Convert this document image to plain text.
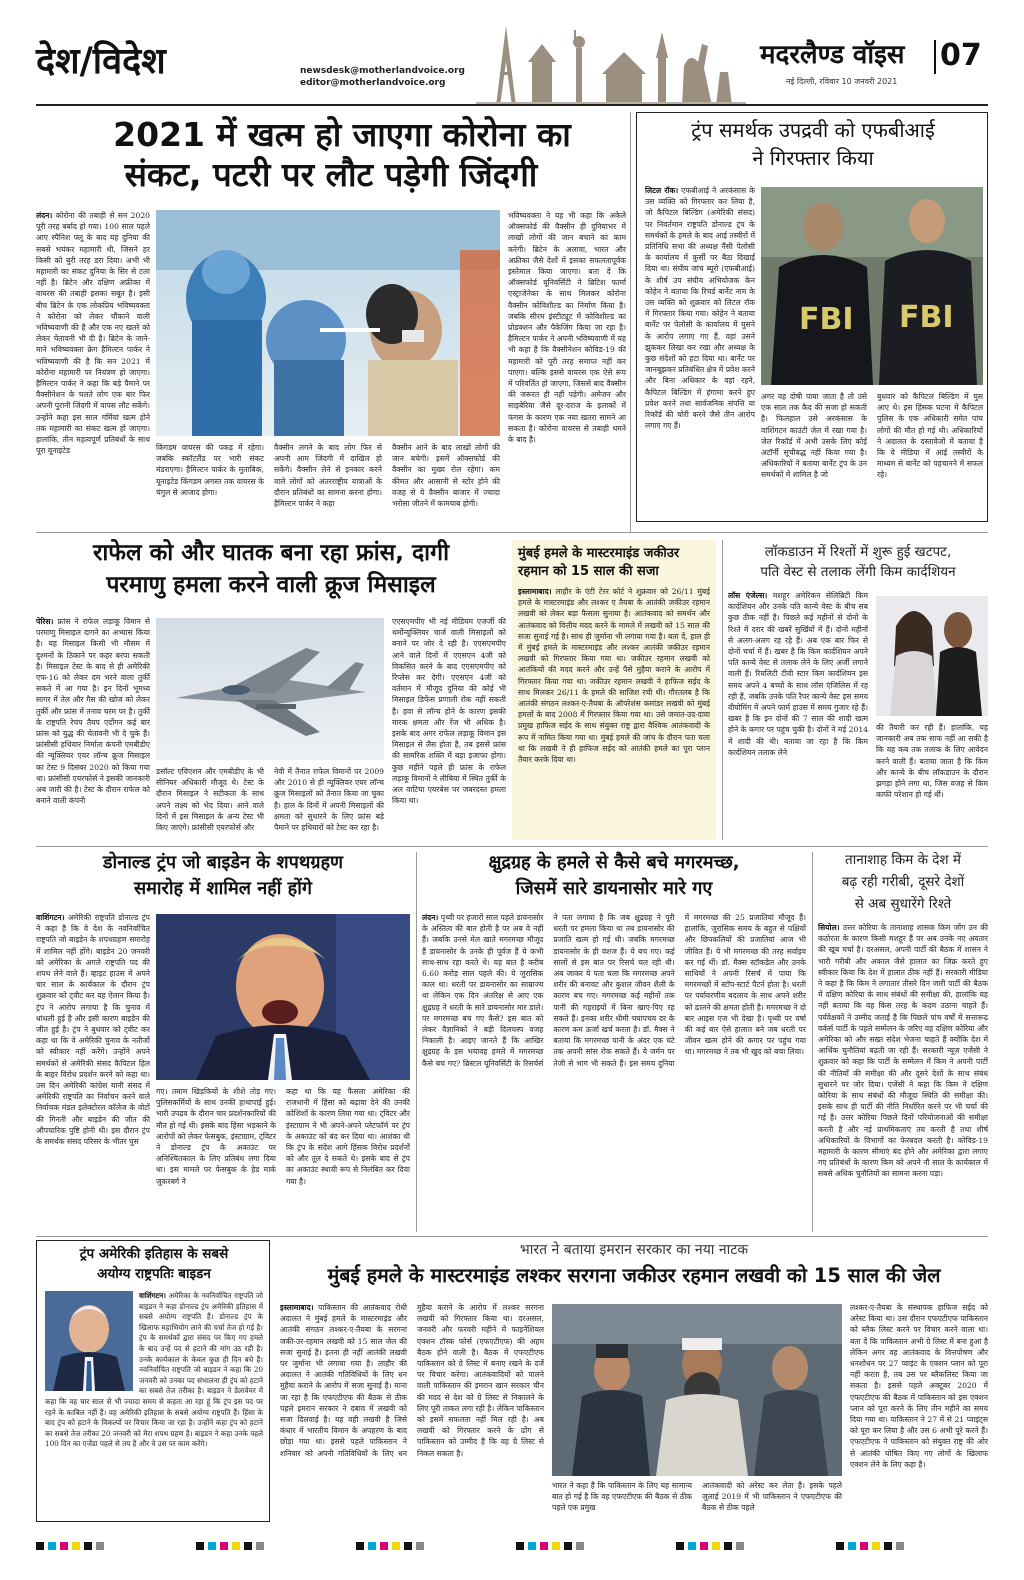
देश/विदेश	newsdesk@motherlandvoice.org
editor@motherlandvoice.org
मदरलैण्ड वॉइस 07
नई दिल्ली, रविवार 10 जनवरी 2021
2021 में खत्म हो जाएगा कोरोना का
संकट, पटरी पर लौट पड़ेगी जिंदगी
लंदन। कोरोना की तबाही से सन 2020 पूरी तरह बर्बाद हो गया। 100 साल पहले आए स्पैनिश फ्लू के बाद यह दुनिया की सबसे भयंकर महामारी थी, जिसने हर किसी को बुरी तरह डरा दिया। अभी भी महामारी का संकट दुनिया के सिर से टला नहीं है। ब्रिटेन और दक्षिण अफ्रीका में वायरस की तबाही इसका सबूत है। इसी बीच ब्रिटेन के एक लोकप्रिय भविष्यवक्ता ने कोरोना को लेकर चौंकाने वाली भविष्यवाणी की है और एक नए खतरे को लेकर चेतावनी भी दी है। ब्रिटेन के जाने-माने भविष्यवक्ता क्रेग हैमिल्टन पार्कर ने भविष्यवाणी की है कि सन 2021 में कोरोना महामारी पर नियंत्रण हो जाएगा। हैमिल्टन पार्कर ने कहा कि बड़े पैमाने पर वैक्सीनेशन के चलते लोग एक बार फिर अपनी पुरानी जिंदगी में वापस लौट सकेंगे। उन्होंने कहा इस साल गर्मियां खत्म होने तक महामारी का संकट खत्म हो जाएगा। हालांकि, तीन महत्वपूर्ण प्रतिबंधों के साथ पूरा यूनाइटेड	किंगडम वायरस की पकड़ में रहेगा। जबकि स्कॉटलैंड पर भारी संकट मंडराएगा। हैमिल्टन पार्कर के मुताबिक, यूनाइटेड किंगडम अगस्त तक वायरस के चंगुल से आजाद होगा।
वैक्सीन लगने के बाद लोग फिर से अपनी आम जिंदगी में दाखिल हो सकेंगे। वैक्सीन लेने से इनकार करने वाले लोगों को अंतरराष्ट्रीय यात्राओं के दौरान प्रतिबंधों का सामना करना होगा। हैमिल्टन पार्कर ने कहा
वैक्सीन आने के बाद लाखों लोगों की जान बचेगी। इसमें ऑक्सफोर्ड की वैक्सीन का मुख्य रोल रहेगा। कम कीमत और आसानी से स्टोर होने की वजह से ये वैक्सीन बाजार में ज्यादा भरोसा जीतने में कामयाब होगी।
भविष्यवक्ता ने यह भी कहा कि अकेले ऑक्सफोर्ड की वैक्सीन ही दुनियाभर में लाखों लोगों की जान बचाने का काम करेगी। ब्रिटेन के अलावा, भारत और अफ्रीका जैसे देशों में इसका सफलतापूर्वक इस्तेमाल किया जाएगा। बता दें कि ऑक्सफोर्ड यूनिवर्सिटी ने ब्रिटिश फार्मा एस्ट्राजेनेका के साथ मिलकर कोरोना वैक्सीन कोविशील्ड का निर्माण किया है। जबकि सीरम इंस्टीट्यूट में कोविशील्ड का प्रोडक्शन और पैकेजिंग किया जा रहा है। हैमिल्टन पार्कर ने अपनी भविष्यवाणी में यह भी कहा है कि वैक्सीनेशन कोविड-19 की महामारी को पूरी तरह समाप्त नहीं कर पाएगा। बल्कि इससे वायरस एक ऐसे रूप में परिवर्तित हो जाएगा, जिससे बाद वैक्सीन की जरूरत ही नहीं पड़ेगी। अमेजन और साइबेरिया जैसे दूर-दराज के इलाकों में फंगस के कारण एक नया खतरा सामने आ सकता है। कोरोना वायरस से तबाही थमने के बाद है।
ट्रंप समर्थक उपद्रवी को एफबीआई
ने गिरफ्तार किया
लिटल रॉक। एफबीआई ने अरकंसास के उस व्यक्ति को गिरफ्तार कर लिया है, जो कैपिटल बिल्डिंग (अमेरिकी संसद) पर निवर्तमान राष्ट्रपति डोनाल्ड ट्रंप के समर्थकों के हमले के बाद आई तस्वीरों में प्रतिनिधि सभा की अध्यक्ष नैंसी पेलोसी के कार्यालय में कुर्सी पर बैठा दिखाई दिया था। संघीय जांच ब्यूरो (एफबीआई) के शीर्ष उप संघीय अभियोजक केन कोहेन ने बताया कि रिचर्ड बार्नेट नाम के उस व्यक्ति को शुक्रवार को लिटल रॉक में गिरफ्तार किया गया। कोहेन ने बताया बार्नेट पर पेलोसी के कार्यालय में घुसने के आरोप लगाए गए हैं, वहां उसने झुककर लिखा कर रखा और अध्यक्ष के कुछ संदेशों को हटा दिया था। बार्नेट पर जानबूझकर प्रतिबंधित क्षेत्र में प्रवेश करने और बिना अधिकार के वहां रहने, कैपिटल बिल्डिंग में हंगामा करने हुए प्रवेश करने तथा सार्वजनिक संपत्ति या रिकॉर्ड की चोरी करने जैसे तीन आरोप लगाए गए हैं।
FBI FBI
अगर वह दोषी पाया जाता है तो उसे एक साल तक कैद की सजा हो सकती है। फिलहाल उसे अरकंसास के वाशिंगटन काउंटी जेल में रखा गया है। जेल रिकॉर्ड में अभी उसके लिए कोई अटॉर्नी सूचीबद्ध नहीं किया गया है। अधिकारियों ने बताया बार्नेट ट्रंप के उन समर्थकों में शामिल है जो
बुधवार को कैपिटल बिल्डिंग में घुस आए थे। इस हिंसक घटना में कैपिटल पुलिस के एक अधिकारी समेत पांच लोगों की मौत हो गई थी। अधिकारियों ने अदालत के दस्तावेजों में बताया है कि वे मीडिया में आई तस्वीरों के माध्यम से बार्नेट को पहचानने में सफल रहे।
राफेल को और घातक बना रहा फ्रांस, दागी
परमाणु हमला करने वाली क्रूज मिसाइल
पेरिस। फ्रांस ने राफेल लड़ाकू विमान से परमाणु मिसाइल दागने का अभ्यास किया है। यह मिसाइल किसी भी मौसम में दुश्मनों के ठिकाने पर कहर बरपा सकती है। मिसाइल टेस्ट के बाद से ही अमेरिकी एफ-16 को लेकर दम भरने वाला तुर्की सकते में आ गया है। इन दिनों भूमध्य सागर में तेल और गैस की खोज को लेकर तुर्की और फ्रांस में तनाव चरम पर है। तुर्की के राष्ट्रपति रेचप तैयप एर्दोगन कई बार फ्रांस को युद्ध की चेतावनी भी दे चुके हैं। फ्रांसीसी हथियार निर्माता कंपनी एमबीडीए की न्यूक्लियर एयर लॉन्च क्रूज मिसाइल का टेस्ट 9 दिसंबर 2020 को किया गया था। फ्रांसीसी एयरफोर्स ने इसकी जानकारी अब जारी की है। टेस्ट के दौरान राफेल को बनाने वाली कंपनी
डसॉल्ट एविएशन और एमबीडीए के भी सीनियर अधिकारी मौजूद थे। टेस्ट के दौरान मिसाइल ने सटीकता के साथ अपने लक्ष्य को भेद दिया। आने वाले दिनों में इस मिसाइल के अन्य टेस्ट भी किए जाएंगे। फ्रांसीसी एयरफोर्स और
नेवी में तैनात राफेल विमानों पर 2009 और 2010 से ही न्यूक्लियर एयर लॉन्च क्रूज मिसाइलों को तैनात किया जा चुका है। हाल के दिनों में अपनी मिसाइलों की क्षमता को सुधारने के लिए फ्रांस बड़े पैमाने पर हथियारों को टेस्ट कर रहा है।
एएसएमपीए भी नई मीडियम एजर्जी की थर्मोन्यूक्लियर चार्ज वाली मिसाइलों को बनाने पर जोर दे रही है। एएसएमपीए आने वाले दिनों में एएसएन 4जी को विकसित करने के बाद एएसएमपीए को रिप्लेस कर देगी। एएसएन 4जी को वर्तमान में मौजूद दुनिया की कोई भी मिसाइल डिफेंस प्रणाली रोक नहीं सकती है। हवा से लॉन्च होने के कारण इसकी मारक क्षमता और रेंज भी अधिक है। इसके बाद अगर राफेल लड़ाकू विमान इस मिसाइल से लैस होता है, तब इससे फ्रांस की सामरिक शक्ति में बड़ा इजाफा होगा। कुछ महीने पहले ही फ्रांस के राफेल लड़ाकू विमानों ने लीबिया में स्थित तुर्की के अल वाटिया एयरबेस पर जबरदस्त हमला किया था।
मुंबई हमले के मास्टरमाइंड जकीउर
रहमान को 15 साल की सजा
इस्लामाबाद। लाहौर के एंटी टेरर कोर्ट ने शुक्रवार को 26/11 मुंबई हमले के मास्टरमाइंड और लश्कर ए तैयबा के आतंकी जकीउर रहमान लखवी को लेकर बड़ा फैसला सुनाया है। आतंकवाद को समर्थन और आतंकवाद को वित्तीय मदद करने के मामले में लखवी को 15 साल की सजा सुनाई गई है। साथ ही जुर्माना भी लगाया गया है। बता दें, हाल ही में मुंबई हमले के मास्टरमाइंड और लश्कर आतंकी जकीउर रहमान लखवी को गिरफ्तार किया गया था। जकीउर रहमान लखवी को आतंकियों की मदद करने और उन्हें पैसे मुहैया कराने के आरोप में गिरफ्तार किया गया था। जकीउर रहमान लखवी ने हाफिज सईद के साथ मिलकर 26/11 के हमले की साजिश रची थी। गौरतलब है कि आतंकी संगठन लश्कर-ए-तैयबा के ऑपरेशंस कमांडर लखवी को मुंबई हमलों के बाद 2008 में गिरफ्तार किया गया था। उसे जमात-उद-दावा प्रमुख हाफिज सईद के साथ संयुक्त राष्ट्र द्वारा वैश्विक आतंकवादी के रूप में नामित किया गया था। मुंबई हमले की जांच के दौरान पता चला था कि लखवी ने ही हाफिज सईद को आतंकी हमले का पूरा प्लान तैयार करके दिया था।
लॉकडाउन में रिश्तों में शुरू हुई खटपट,
पति वेस्ट से तलाक लेंगी किम कार्दशियन
लॉस एंजेल्स। मशहूर अमेरिकन सेलिब्रिटी किम कार्दशियन और उनके पति कान्ये वेस्ट के बीच सब कुछ ठीक नहीं है। पिछले कई महीनों से दोनों के रिश्ते में दरार की खबरें सुर्खियों में हैं। दोनों महीनों से अलग-अलग रह रहे हैं। अब एक बार फिर से दोनों चर्चा में हैं। खबर है कि किम कार्दशियन अपने पति कान्ये वेस्ट से तलाक लेने के लिए अर्जी लगाने वाली हैं। रियलिटी टीवी स्टार किम कार्दशियन इस समय अपने 4 बच्चों के साथ लॉस एंजिलिस में रह रही हैं, जबकि उनके पति रैपर कान्ये वेस्ट इस समय वीयोमिंग में अपने फार्म हाउस में समय गुजार रहे हैं। खबर है कि इन दोनों की 7 साल की शादी खत्म होने के कगार पर पहुंच चुकी है। दोनों ने मई 2014 में शादी की थी। बताया जा रहा है कि किम कार्दशियन तलाक लेने
की तैयारी कर रही हैं। हालांकि, यह जानकारी अब तक साफ नहीं आ सकी है कि यह कब तक तलाक के लिए आवेदन करने वाली हैं। बताया जाता है कि किम और कान्ये के बीच लॉकडाउन के दौरान झगड़ा होने लगा था, जिस वजह से किम काफी परेशान हो गई थीं।
डोनाल्ड ट्रंप जो बाइडेन के शपथग्रहण
समारोह में शामिल नहीं होंगे
वाशिंगटन। अमेरिकी राष्ट्रपति डोनाल्ड ट्रंप ने कहा है कि वे देश के नवनिर्वाचित राष्ट्रपति जो बाइडेन के शपथग्रहण समारोह में शामिल नहीं होंगे। बाइडेन 20 जनवरी को अमेरिका के अगले राष्ट्रपति पद की शपथ लेने वाले हैं। व्हाइट हाउस में अपने चार साल के कार्यकाल के दौरान ट्रंप शुक्रवार को ट्वीट कर यह ऐलान किया है। ट्रंप ने आरोप लगाया है कि चुनाव में धांधली हुई है और इसी कारण बाइडेन की जीत हुई है। ट्रंप ने बुधवार को ट्वीट कर कहा था कि वे अमेरिकी चुनाव के नतीजों को स्वीकार नहीं करेंगे। उन्होंने अपने समर्थकों से अमेरिकी संसद कैपिटल हिल के बाहर विरोध प्रदर्शन करने को कहा था। उस दिन अमेरिकी कांग्रेस यानी संसद में अमेरिकी राष्ट्रपति का निर्वाचन करने वाले निर्वाचक मंडल इलेक्टोरल कॉलेज के वोटों की गिनती और बाइडेन की जीत की औपचारिक पुष्टि होनी थी। इस दौरान ट्रंप के समर्थक संसद परिसर के भीतर घुस
गए। तमाम खिड़कियों के शीशे तोड़ गए। पुलिसकर्मियों के साथ उनकी हाथापाई हुई। भारी उपद्रव के दौरान चार प्रदर्शनकारियों की मौत हो गई थी। इसके बाद हिंसा भड़काने के आरोपों को लेकर फेसबुक, इंस्टाग्राम, ट्विटर ने डोनाल्ड ट्रंप के अकाउंट पर अनिश्चितकाल के लिए प्रतिबंध लगा दिया था। इस मामले पर फेसबुक के हेड मार्क जुकरबर्ग ने
कहा था कि यह फैसला अमेरिका की राजधानी में हिंसा को बढ़ावा देने की उनकी कोशिशों के कारण लिया गया था। ट्विटर और इंस्टाग्राम ने भी अपने-अपने प्लेटफॉर्म पर ट्रंप के अकाउंट को बंद कर दिया था। आशंका थी कि ट्रंप के संदेश आगे हिंसक विरोध प्रदर्शनों को और तूल दे सकते थे। इसके बाद से ट्रंप का अकाउंट स्थायी रूप से निलंबित कर दिया गया है।
क्षुद्रग्रह के हमले से कैसे बचे मगरमच्छ,
जिसमें सारे डायनासोर मारे गए
लंदन। पृथ्वी पर हजारों साल पहले डायनासोर के अस्तित्व की बात होती है पर अब वे नहीं हैं। जबकि उनसे मेल खाते मगरमच्छ मौजूद हैं डायनासोर के उनके ही पूर्वज हैं ये कभी साथ-साथ रहा करते थे। यह बात है करीब 6.60 करोड़ साल पहले की। ये जुरासिक काल था। धरती पर डायनासोर का साम्राज्य था लेकिन एक दिन अंतरिक्ष से आए एक क्षुद्रग्रह ने धरती के सारे डायनासोर मार डाले। पर मगरमच्छ बच गए कैसे? इस बात को लेकर वैज्ञानिकों ने बड़ी दिलचस्प वजह निकाली है। आइए जानते हैं कि आखिर क्षुद्रग्रह के इस भयावह हमले में मगरमच्छ कैसे बच गए? ब्रिस्टल यूनिवर्सिटी के रिसर्चर्स ने पता लगाया है कि जब क्षुद्रग्रह ने पूरी धरती पर हमला किया था तब डायनासोर की प्रजाति खत्म हो गई थी। जबकि मगरमच्छ डायनासोर के ही वंशज हैं। ये बच गए। कई सालों से इस बात पर रिसर्च चल रही थी। अब जाकर ये पता चला कि मगरमच्छ अपने शरीर की बनावट और कुशल जीवन शैली के कारण बच गए। मगरमच्छ कई महीनों तक पानी की गहराइयों में बिना खाए-पिए रह सकते हैं। इनका शरीर धीमी चयापचय दर के कारण कम ऊर्जा खर्च करता है। डॉ. मैक्स ने बताया कि मगरमच्छ पानी के अंदर एक घंटे तक अपनी सांस रोक सकते हैं। ये जर्मन पर तेजी से भाग भी सकते हैं। इस समय दुनिया में मगरमच्छ की 25 प्रजातियां मौजूद हैं। हालांकि, जुरासिक समय के बहुत से पक्षियों और छिपकलियों की प्रजातियां आज भी जीवित हैं। ये भी मगरमच्छ की तरह सर्वाइव कर गईं थीं। डॉ. मैक्स स्टॉकडेल और उनके साथियों ने अपनी रिसर्च में पाया कि मगरमच्छों में स्टॉप-स्टार्ट पैटर्न होता है। धरती पर पर्यावरणीय बदलाव के साथ अपने शरीर को ढालने की क्षमता होती है। मगरमच्छ ने दो बार आइस एज भी देखा है। पृथ्वी पर वर्षा की कई बार ऐसे हालात बने जब धरती पर जीवन खत्म होने की कगार पर पहुंच गया था। मगरमच्छ ने तब भी खुद को बचा लिया।
तानाशाह किम के देश में
बढ़ रही गरीबी, दूसरे देशों
से अब सुधारेंगे रिश्ते
सियोल। उत्तर कोरिया के तानाशाह शासक किम जोंग उन की कठोरता के कारण किसी मशहूर हैं पर अब उनके नए अवतार की खूब चर्चा है। दरअसल, अपनी पार्टी की बैठक में शासन ने भारी गरीबी और अकाल जैसे हालात का जिक्र करते हुए स्वीकार किया कि देश में हालात ठीक नहीं हैं। सरकारी मीडिया ने कहा है कि किम ने लगातार तीसरे दिन जारी पार्टी की बैठक में दक्षिण कोरिया के साथ संबंधों की समीक्षा की, हालांकि यह नहीं बताया कि वह किस तरह के कदम उठाना चाहते हैं। पर्यवेक्षकों ने उम्मीद जताई है कि पिछले पांच वर्षों में सत्तारूढ़ वर्कर्स पार्टी के पहले सम्मेलन के जरिए वह दक्षिण कोरिया और अमेरिका को और सख्त संदेश भेजना चाहते हैं क्योंकि देश में आर्थिक चुनौतियां बढ़ती जा रही हैं। सरकारी न्यूज़ एजेंसी ने शुक्रवार को कहा कि पार्टी के सम्मेलन में किम ने अपनी पार्टी की नीतियों की समीक्षा की और दूसरे देशों के साथ संबंध सुधारने पर जोर दिया। एजेंसी ने कहा कि किम ने दक्षिण कोरिया के साथ संबंधों की मौजूदा स्थिति की समीक्षा की। इसके साथ ही पार्टी की नीति निर्धारित करने पर भी चर्चा की गई है। उत्तर कोरिया पिछले दिनों परियोजनाओं की समीक्षा करती है और नई प्राथमिकताएं तय करती है तथा शीर्ष अधिकारियों के विभागों का फेरबदल करती है। कोविड-19 महामारी के कारण सीमाएं बंद होने और अमेरिका द्वारा लगाए गए प्रतिबंधों के कारण किम को अपने नौ साल के कार्यकाल में सबसे अधिक चुनौतियों का सामना करना पड़ा।
ट्रंप अमेरिकी इतिहास के सबसे
अयोग्य राष्ट्रपतिः बाइडन
वाशिंगटन। अमेरिका के नवनिर्वाचित राष्ट्रपति जो बाइडन ने कहा डोनाल्ड ट्रंप अमेरिकी इतिहास में सबसे अयोग्य राष्ट्रपति हैं। डोनाल्ड ट्रंप के खिलाफ महाभियोग लाने की चर्चा तेज हो गई है। ट्रंप के समर्थकों द्वारा संसद पर किए गए हमले के बाद उन्हें पद से हटाने की मांग उठ रही है। उनके कार्यकाल के केवल कुछ ही दिन बचे हैं। नवनिर्वाचित राष्ट्रपति जो बाइडन ने कहा कि 20 जनवरी को उनका पद संभालना ही ट्रंप को हटाने का सबसे तेज तरीका है। बाइडन ने डेलावेयर में कहा कि वह चार साल से भी ज्यादा समय से कहता आ रहा हूं कि ट्रंप इस पद पर रहने के काबिल नहीं हैं। वह अमेरिकी इतिहास के सबसे अयोग्य राष्ट्रपति हैं। हिंसा के बाद ट्रंप को हटाने के विकल्पों पर विचार किया जा रहा है। उन्होंने कहा ट्रंप को हटाने का सबसे तेज तरीका 20 जनवरी को मेरा शपथ ग्रहण है। बाइडन ने कहा उनके पहले 100 दिन का एजेंडा पहले से तय है और वे उस पर काम करेंगे।
भारत ने बताया इमरान सरकार का नया नाटक
मुंबई हमले के मास्टरमाइंड लश्कर सरगना जकीउर रहमान लखवी को 15 साल की जेल
इस्लामाबाद। पाकिस्तान की आतंकवाद रोधी अदालत ने मुंबई हमले के मास्टरमाइंड और आतंकी संगठन लश्कर-ए-तैयबा के सरगना जकी-उर-रहमान लखवी को 15 साल जेल की सजा सुनाई है। इतना ही नहीं आतंकी लखवी पर जुर्माना भी लगाया गया है। लाहौर की अदालत ने आतंकी गतिविधियों के लिए धन मुहैया कराने के आरोप में सजा सुनाई है। माना जा रहा है कि एफएटीएफ की बैठक से ठीक पहले इमरान सरकार ने दबाव में लखवी को सजा दिलवाई है। यह वही लखवी है जिसे कंधार में भारतीय विमान के अपहरण के बाद छोड़ा गया था। इससे पहले पाकिस्तान ने शनिवार को अपनी गतिविधियों के लिए धन मुहैया कराने के आरोप में लश्कर सरगना लखवी को गिरफ्तार किया था। दरअसल, जनवरी और फरवरी महीने में फाइनेंशियल एक्शन टॉस्क फोर्स (एफएटीएफ) की अहम बैठक होने वाली है। बैठक में एफएटीएफ पाकिस्तान को ग्रे लिस्ट में बनाए रखने के दर्जे पर विचार करेगा। आतंकवादियों को पालने वाली पाकिस्तान की इमरान खान सरकार चीन की मदद से देश को ग्रे लिस्ट से निकालने के लिए पूरी ताकत लगा रही है। लेकिन पाकिस्तान को इसमें सफलता नहीं मिल रही है। अब लखवी को गिरफ्तार करने के ढोंग से पाकिस्तान को उम्मीद है कि वह ग्रे लिस्ट से निकल सकता है।
भारत ने कहा है कि पाकिस्तान के लिए यह सामान्य बात हो गई है कि वह एफएटीएफ की बैठक से ठीक पहले एक प्रमुख
आतंकवादी को अरेस्ट कर लेता है। इसके पहले जुलाई 2019 में भी पाकिस्तान ने एफएटीएफ की बैठक से ठीक पहले
लश्कर-ए-तैयबा के संस्थापक हाफिज सईद को अरेस्ट किया था। उस दौरान एफएटीएफ पाकिस्तान को ब्लैक लिस्ट करने पर विचार करने वाला था। बता दें कि पाकिस्तान अभी ग्रे लिस्ट में बना हुआ है लेकिन अगर वह आतंकवाद के वित्तपोषण और धनशोधन पर 27 प्वाइंट के एक्शन प्लान को पूरा नहीं करता है, तब उस पर ब्लैकलिस्ट किया जा सकता है। इससे पहले अक्टूबर 2020 में एफएटीएफ की बैठक में पाकिस्तान को इस एक्शन प्लान को पूरा करने के लिए तीन महीने का समय दिया गया था। पाकिस्तान ने 27 में से 21 प्वाइंट्स को पूरा कर लिया है और उस 6 अभी पूरे करने हैं। एफएटीएफ ने पाकिस्तान को संयुक्त राष्ट्र की ओर से आतंकी घोषित किए गए लोगों के खिलाफ एक्शन लेने के लिए कहा है।
